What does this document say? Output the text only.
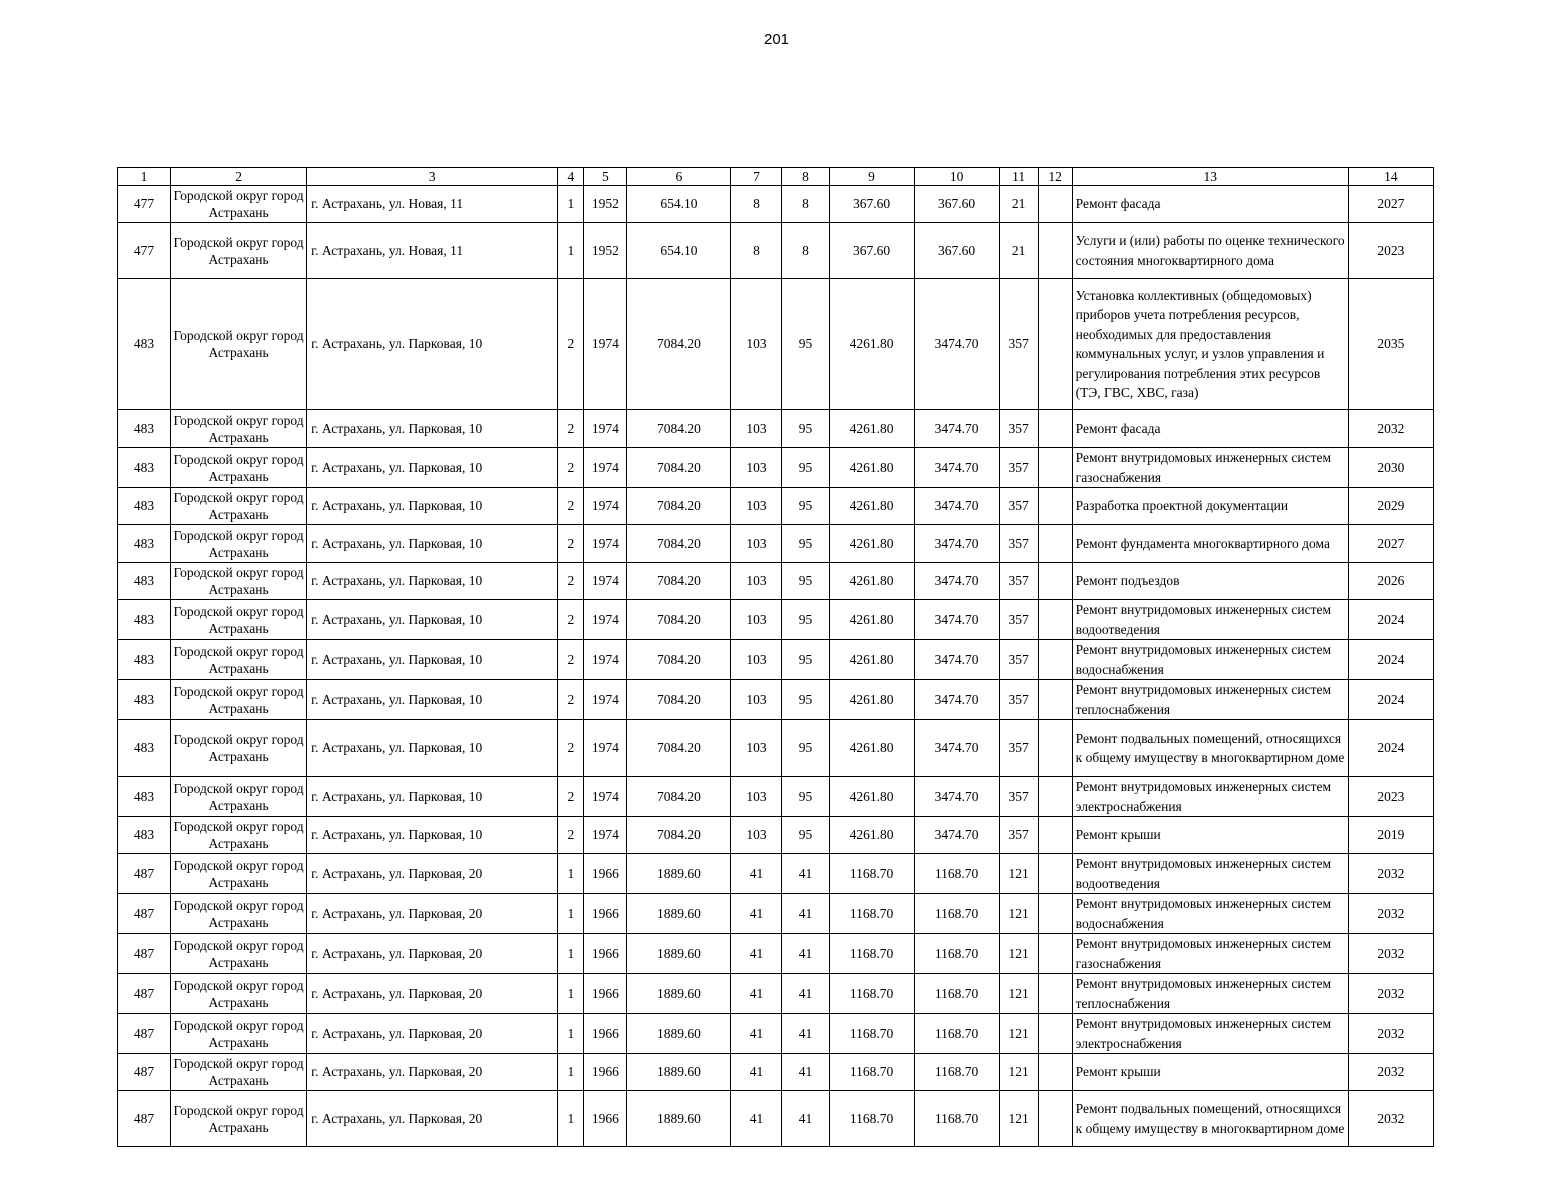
201
1	2	3	4	5	6	7	8	9	10	11	12	13	14
477	Городской округ город Астрахань	г. Астрахань, ул. Новая, 11	1	1952	654.10	8	8	367.60	367.60	21		Ремонт фасада	2027
477	Городской округ город Астрахань	г. Астрахань, ул. Новая, 11	1	1952	654.10	8	8	367.60	367.60	21		Услуги и (или) работы по оценке технического состояния многоквартирного дома	2023
483	Городской округ город Астрахань	г. Астрахань, ул. Парковая, 10	2	1974	7084.20	103	95	4261.80	3474.70	357		Установка коллективных (общедомовых) приборов учета потребления ресурсов, необходимых для предоставления коммунальных услуг, и узлов управления и регулирования потребления этих ресурсов (ТЭ, ГВС, ХВС, газа)	2035
483	Городской округ город Астрахань	г. Астрахань, ул. Парковая, 10	2	1974	7084.20	103	95	4261.80	3474.70	357		Ремонт фасада	2032
483	Городской округ город Астрахань	г. Астрахань, ул. Парковая, 10	2	1974	7084.20	103	95	4261.80	3474.70	357		Ремонт внутридомовых инженерных систем газоснабжения	2030
483	Городской округ город Астрахань	г. Астрахань, ул. Парковая, 10	2	1974	7084.20	103	95	4261.80	3474.70	357		Разработка проектной документации	2029
483	Городской округ город Астрахань	г. Астрахань, ул. Парковая, 10	2	1974	7084.20	103	95	4261.80	3474.70	357		Ремонт фундамента многоквартирного дома	2027
483	Городской округ город Астрахань	г. Астрахань, ул. Парковая, 10	2	1974	7084.20	103	95	4261.80	3474.70	357		Ремонт подъездов	2026
483	Городской округ город Астрахань	г. Астрахань, ул. Парковая, 10	2	1974	7084.20	103	95	4261.80	3474.70	357		Ремонт внутридомовых инженерных систем водоотведения	2024
483	Городской округ город Астрахань	г. Астрахань, ул. Парковая, 10	2	1974	7084.20	103	95	4261.80	3474.70	357		Ремонт внутридомовых инженерных систем водоснабжения	2024
483	Городской округ город Астрахань	г. Астрахань, ул. Парковая, 10	2	1974	7084.20	103	95	4261.80	3474.70	357		Ремонт внутридомовых инженерных систем теплоснабжения	2024
483	Городской округ город Астрахань	г. Астрахань, ул. Парковая, 10	2	1974	7084.20	103	95	4261.80	3474.70	357		Ремонт подвальных помещений, относящихся к общему имуществу в многоквартирном доме	2024
483	Городской округ город Астрахань	г. Астрахань, ул. Парковая, 10	2	1974	7084.20	103	95	4261.80	3474.70	357		Ремонт внутридомовых инженерных систем электроснабжения	2023
483	Городской округ город Астрахань	г. Астрахань, ул. Парковая, 10	2	1974	7084.20	103	95	4261.80	3474.70	357		Ремонт крыши	2019
487	Городской округ город Астрахань	г. Астрахань, ул. Парковая, 20	1	1966	1889.60	41	41	1168.70	1168.70	121		Ремонт внутридомовых инженерных систем водоотведения	2032
487	Городской округ город Астрахань	г. Астрахань, ул. Парковая, 20	1	1966	1889.60	41	41	1168.70	1168.70	121		Ремонт внутридомовых инженерных систем водоснабжения	2032
487	Городской округ город Астрахань	г. Астрахань, ул. Парковая, 20	1	1966	1889.60	41	41	1168.70	1168.70	121		Ремонт внутридомовых инженерных систем газоснабжения	2032
487	Городской округ город Астрахань	г. Астрахань, ул. Парковая, 20	1	1966	1889.60	41	41	1168.70	1168.70	121		Ремонт внутридомовых инженерных систем теплоснабжения	2032
487	Городской округ город Астрахань	г. Астрахань, ул. Парковая, 20	1	1966	1889.60	41	41	1168.70	1168.70	121		Ремонт внутридомовых инженерных систем электроснабжения	2032
487	Городской округ город Астрахань	г. Астрахань, ул. Парковая, 20	1	1966	1889.60	41	41	1168.70	1168.70	121		Ремонт крыши	2032
487	Городской округ город Астрахань	г. Астрахань, ул. Парковая, 20	1	1966	1889.60	41	41	1168.70	1168.70	121		Ремонт подвальных помещений, относящихся к общему имуществу в многоквартирном доме	2032
